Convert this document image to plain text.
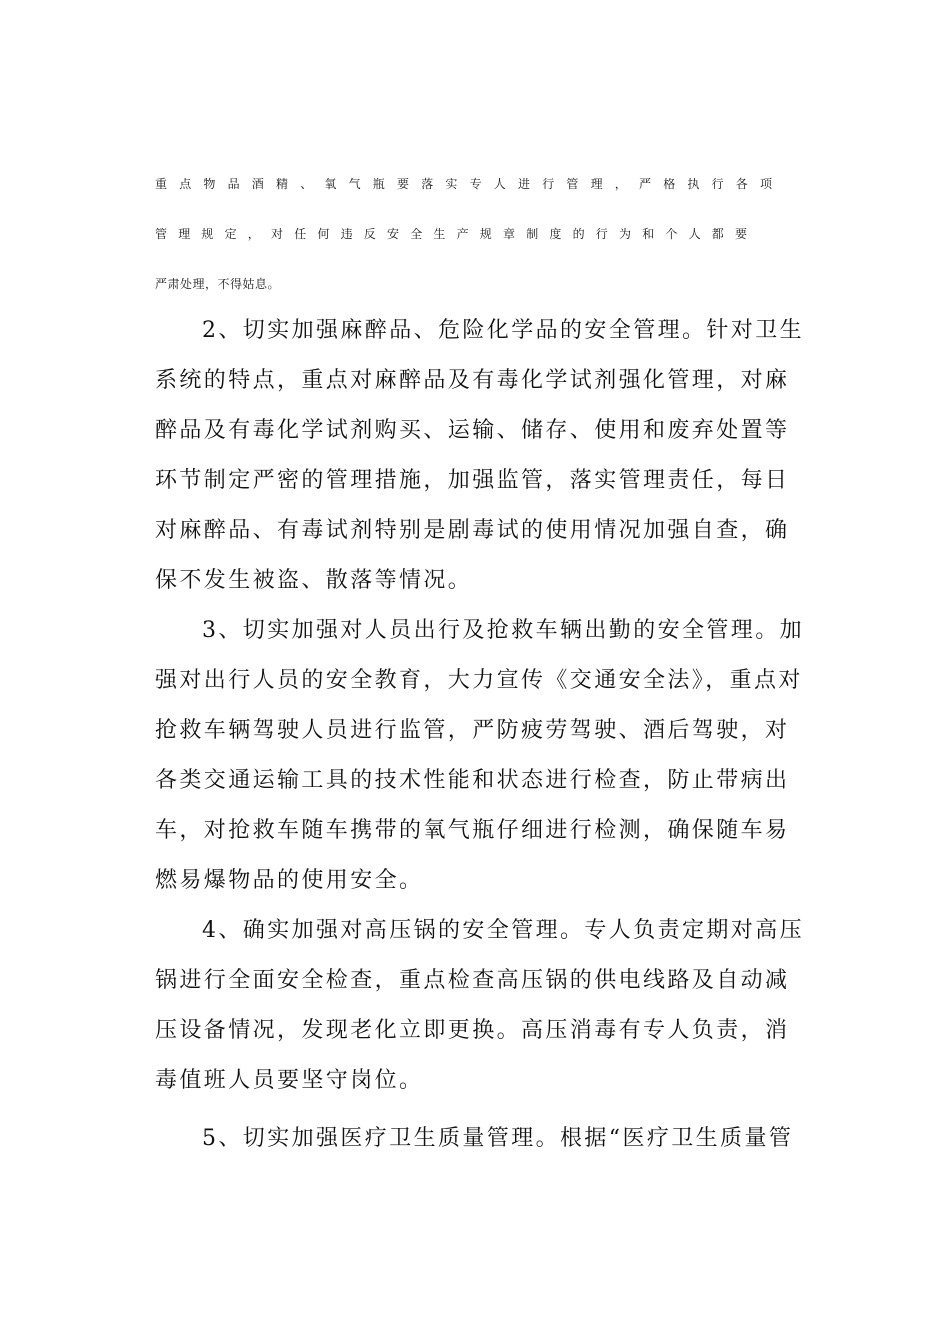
重点物品酒精、氧气瓶要落实专人进行管理，严格执行各项
管理规定，对任何违反安全生产规章制度的行为和个人都要
严肃处理，不得姑息。
2、切实加强麻醉品、危险化学品的安全管理。针对卫生
系统的特点，重点对麻醉品及有毒化学试剂强化管理，对麻
醉品及有毒化学试剂购买、运输、储存、使用和废弃处置等
环节制定严密的管理措施，加强监管，落实管理责任，每日
对麻醉品、有毒试剂特别是剧毒试的使用情况加强自查，确
保不发生被盗、散落等情况。
3、切实加强对人员出行及抢救车辆出勤的安全管理。加
强对出行人员的安全教育，大力宣传《交通安全法》，重点对
抢救车辆驾驶人员进行监管，严防疲劳驾驶、酒后驾驶，对
各类交通运输工具的技术性能和状态进行检查，防止带病出
车，对抢救车随车携带的氧气瓶仔细进行检测，确保随车易
燃易爆物品的使用安全。
4、确实加强对高压锅的安全管理。专人负责定期对高压
锅进行全面安全检查，重点检查高压锅的供电线路及自动减
压设备情况，发现老化立即更换。高压消毒有专人负责，消
毒值班人员要坚守岗位。
5、切实加强医疗卫生质量管理。根据“医疗卫生质量管
